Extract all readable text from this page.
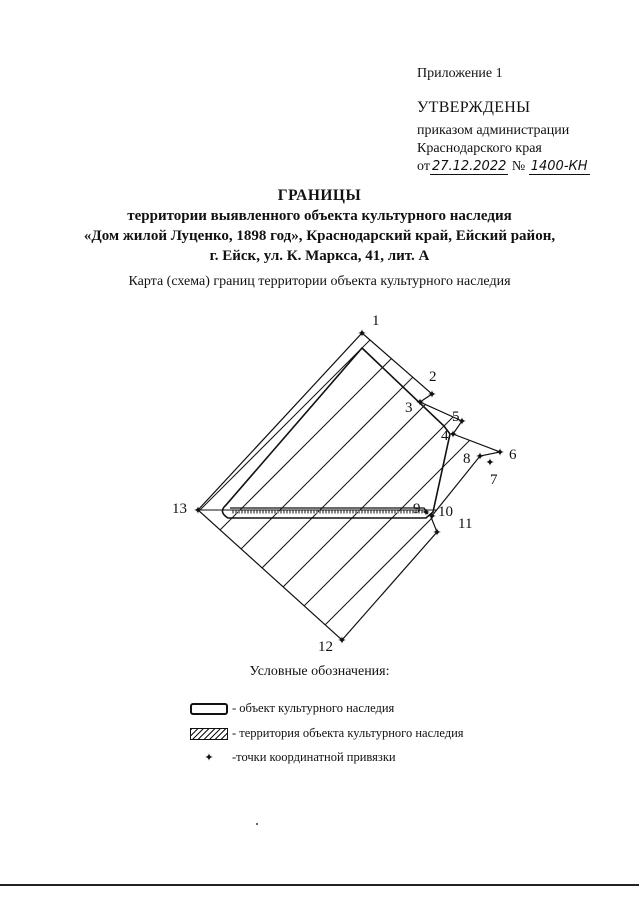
Приложение 1
УТВЕРЖДЕНЫ
приказом администрации
Краснодарского края
от 27.12.2022 № 1400-КН
ГРАНИЦЫ
территории выявленного объекта культурного наследия
«Дом жилой Луценко, 1898 год», Краснодарский край, Ейский район,
г. Ейск, ул. К. Маркса, 41, лит. А
Карта (схема) границ территории объекта культурного наследия
✦
1
✦
2
✦
3
✦
4
✦
5
✦ 6
✦
7
✦
8
✦
9 ✦ 10
✦
11
✦
12
✦
13
Условные обозначения:
- объект культурного наследия
- территория объекта культурного наследия
✦	-точки координатной привязки
